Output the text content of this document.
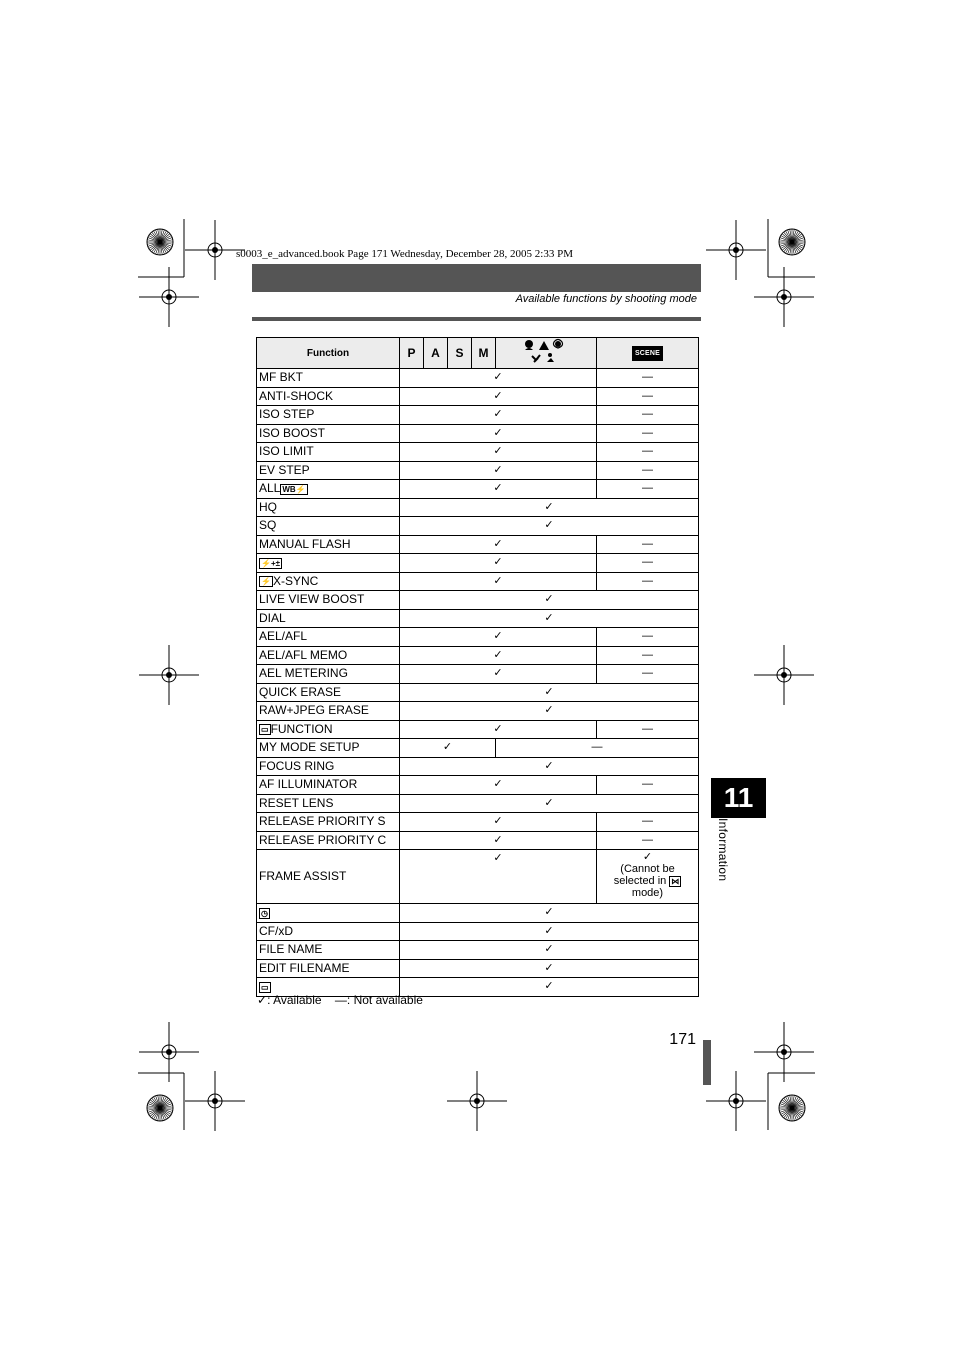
s0003_e_advanced.book Page 171 Wednesday, December 28, 2005 2:33 PM
Available functions by shooting mode
Function	P	A	S	M		SCENE
MF BKT	✓					—
ANTI-SHOCK	✓					—
ISO STEP	✓					—
ISO BOOST	✓					—
ISO LIMIT	✓					—
EV STEP	✓					—
ALL WB⚡	✓					—
HQ	✓					
SQ	✓					
MANUAL FLASH	✓					—
⚡+±	✓					—
⚡ X-SYNC	✓					—
LIVE VIEW BOOST	✓					
DIAL	✓					
AEL/AFL	✓					—
AEL/AFL MEMO	✓					—
AEL METERING	✓					—
QUICK ERASE	✓					
RAW+JPEG ERASE	✓					
▭ FUNCTION	✓					—
MY MODE SETUP	✓				—	
FOCUS RING	✓					
AF ILLUMINATOR	✓					—
RESET LENS	✓					
RELEASE PRIORITY S	✓					—
RELEASE PRIORITY C	✓					—
FRAME ASSIST	✓					✓
(Cannot be
selected in ⋈
mode)

◷	✓					
CF/xD	✓					
FILE NAME	✓					
EDIT FILENAME	✓					
▭	✓					
✓: Available —: Not available
171
11
Information
